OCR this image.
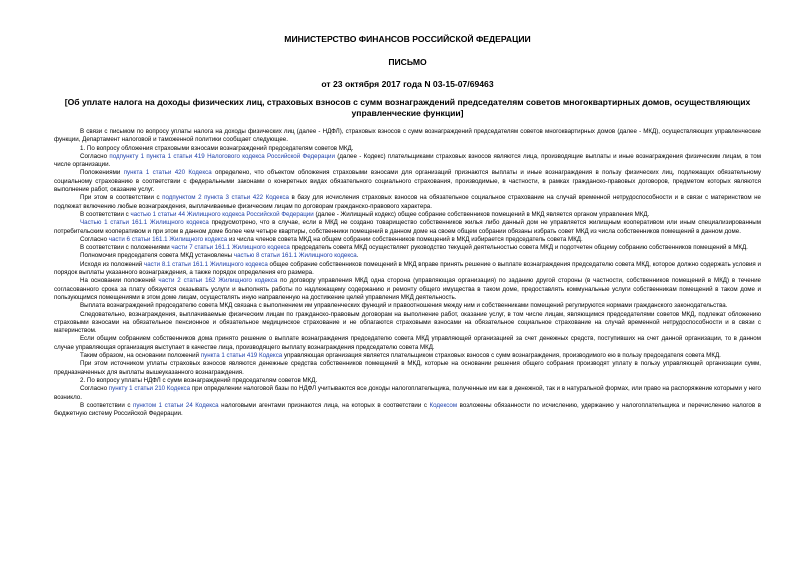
МИНИСТЕРСТВО ФИНАНСОВ РОССИЙСКОЙ ФЕДЕРАЦИИ
ПИСЬМО
от 23 октября 2017 года N 03-15-07/69463
[Об уплате налога на доходы физических лиц, страховых взносов с сумм вознаграждений председателям советов многоквартирных домов, осуществляющих управленческие функции]

В связи с письмом по вопросу уплаты налога на доходы физических лиц (далее - НДФЛ), страховых взносов с сумм вознаграждений председателям советов многоквартирных домов (далее - МКД), осуществляющих управленческие функции, Департамент налоговой и таможенной политики сообщает следующее.

1. По вопросу обложения страховыми взносами вознаграждений председателям советов МКД.

Согласно подпункту 1 пункта 1 статьи 419 Налогового кодекса Российской Федерации (далее - Кодекс) плательщиками страховых взносов являются лица, производящие выплаты и иные вознаграждения физическим лицам, в том числе организации.

Положениями пункта 1 статьи 420 Кодекса определено, что объектом обложения страховыми взносами для организаций признаются выплаты и иные вознаграждения в пользу физических лиц, подлежащих обязательному социальному страхованию в соответствии с федеральными законами о конкретных видах обязательного социального страхования, производимые, в частности, в рамках гражданско-правовых договоров, предметом которых являются выполнение работ, оказание услуг.

При этом в соответствии с подпунктом 2 пункта 3 статьи 422 Кодекса в базу для исчисления страховых взносов на обязательное социальное страхование на случай временной нетрудоспособности и в связи с материнством не подлежат включению любые вознаграждения, выплачиваемые физическим лицам по договорам гражданско-правового характера.

В соответствии с частью 1 статьи 44 Жилищного кодекса Российской Федерации (далее - Жилищный кодекс) общее собрание собственников помещений в МКД является органом управления МКД.

Частью 1 статьи 161.1 Жилищного кодекса предусмотрено, что в случае, если в МКД не создано товарищество собственников жилья либо данный дом не управляется жилищным кооперативом или иным специализированным потребительским кооперативом и при этом в данном доме более чем четыре квартиры, собственники помещений в данном доме на своем общем собрании обязаны избрать совет МКД из числа собственников помещений в данном доме.

Согласно части 6 статьи 161.1 Жилищного кодекса из числа членов совета МКД на общем собрании собственников помещений в МКД избирается председатель совета МКД.

В соответствии с положениями части 7 статьи 161.1 Жилищного кодекса председатель совета МКД осуществляет руководство текущей деятельностью совета МКД и подотчетен общему собранию собственников помещений в МКД.

Полномочия председателя совета МКД установлены частью 8 статьи 161.1 Жилищного кодекса.

Исходя из положений части 8.1 статьи 161.1 Жилищного кодекса общее собрание собственников помещений в МКД вправе принять решение о выплате вознаграждения председателю совета МКД, которое должно содержать условия и порядок выплаты указанного вознаграждения, а также порядок определения его размера.

На основании положений части 2 статьи 162 Жилищного кодекса по договору управления МКД одна сторона (управляющая организация) по заданию другой стороны (в частности, собственников помещений в МКД) в течение согласованного срока за плату обязуется оказывать услуги и выполнять работы по надлежащему содержанию и ремонту общего имущества в таком доме, предоставлять коммунальные услуги собственникам помещений в таком доме и пользующимся помещениями в этом доме лицам, осуществлять иную направленную на достижение целей управления МКД деятельность.

Выплата вознаграждений председателю совета МКД связана с выполнением им управленческих функций и правоотношения между ним и собственниками помещений регулируются нормами гражданского законодательства.

Следовательно, вознаграждения, выплачиваемые физическим лицам по гражданско-правовым договорам на выполнение работ, оказание услуг, в том числе лицам, являющимся председателями советов МКД, подлежат обложению страховыми взносами на обязательное пенсионное и обязательное медицинское страхование и не облагаются страховыми взносами на обязательное социальное страхование на случай временной нетрудоспособности и в связи с материнством.

Если общим собранием собственников дома принято решение о выплате вознаграждения председателю совета МКД управляющей организацией за счет денежных средств, поступивших на счет данной организации, то в данном случае управляющая организация выступает в качестве лица, производящего выплату вознаграждения председателю совета МКД.

Таким образом, на основании положений пункта 1 статьи 419 Кодекса управляющая организация является плательщиком страховых взносов с сумм вознаграждения, производимого ею в пользу председателя совета МКД.

При этом источником уплаты страховых взносов являются денежные средства собственников помещений в МКД, которые на основании решения общего собрания производят уплату в пользу управляющей организации сумм, предназначенных для выплаты вышеуказанного вознаграждения.

2. По вопросу уплаты НДФЛ с сумм вознаграждений председателям советов МКД.

Согласно пункту 1 статьи 210 Кодекса при определении налоговой базы по НДФЛ учитываются все доходы налогоплательщика, полученные им как в денежной, так и в натуральной формах, или право на распоряжение которыми у него возникло.

В соответствии с пунктом 1 статьи 24 Кодекса налоговыми агентами признаются лица, на которых в соответствии с Кодексом возложены обязанности по исчислению, удержанию у налогоплательщика и перечислению налогов в бюджетную систему Российской Федерации.
